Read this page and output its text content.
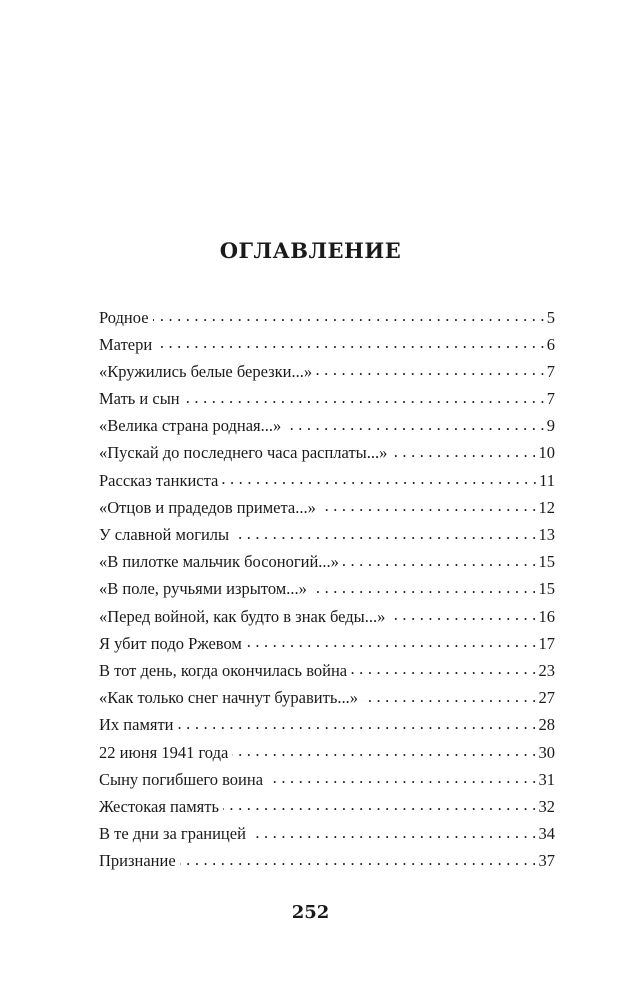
ОГЛАВЛЕНИЕ
Родное . . .	5
Матери . . .	6
«Кружились белые березки...» . . .	7
Мать и сын . . .	7
«Велика страна родная...» . . .	9
«Пускай до последнего часа расплаты...» . . .	10
Рассказ танкиста . . .	11
«Отцов и прадедов примета...» . . .	12
У славной могилы . . .	13
«В пилотке мальчик босоногий...» . . .	15
«В поле, ручьями изрытом...» . . .	15
«Перед войной, как будто в знак беды...» . . .	16
Я убит подо Ржевом . . .	17
В тот день, когда окончилась война . . .	23
«Как только снег начнут буравить...» . . .	27
Их памяти . . .	28
22 июня 1941 года . . .	30
Сыну погибшего воина . . .	31
Жестокая память . . .	32
В те дни за границей . . .	34
Признание . . .	37
252
